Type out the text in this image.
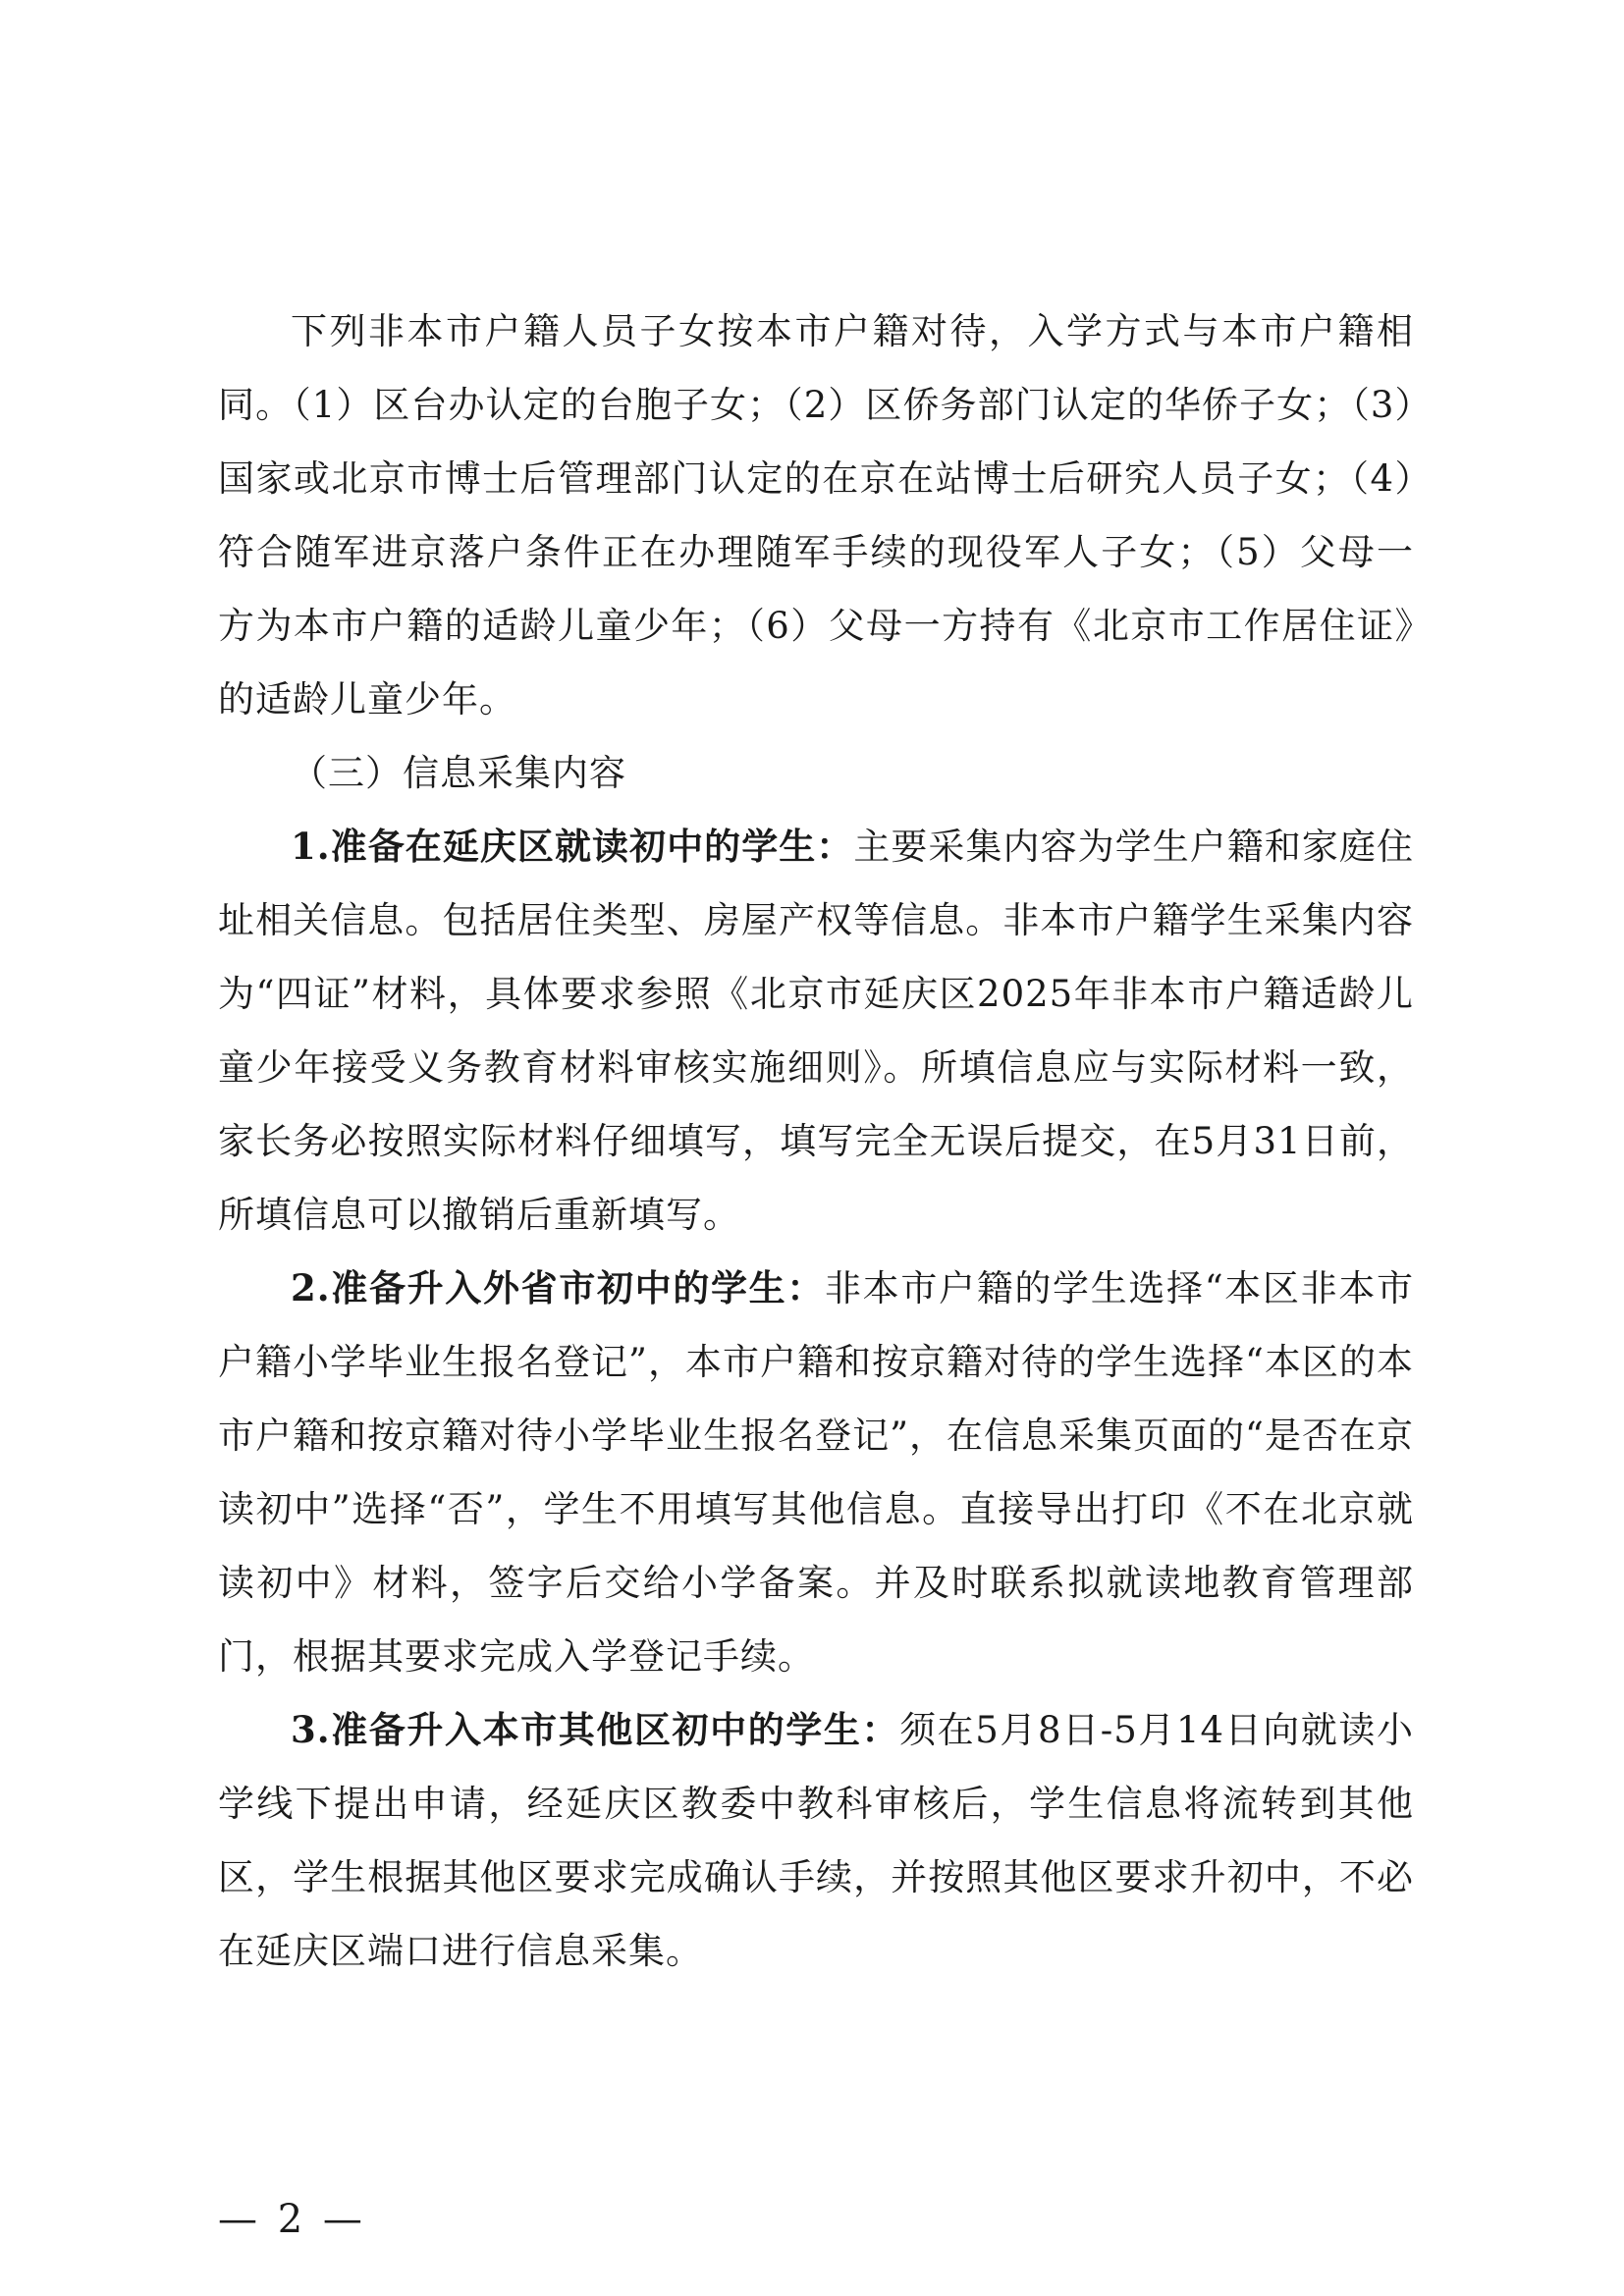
下列非本市户籍人员子女按本市户籍对待，入学方式与本市户籍相同。（1）区台办认定的台胞子女；（2）区侨务部门认定的华侨子女；（3）国家或北京市博士后管理部门认定的在京在站博士后研究人员子女；（4）符合随军进京落户条件正在办理随军手续的现役军人子女；（5）父母一方为本市户籍的适龄儿童少年；（6）父母一方持有《北京市工作居住证》的适龄儿童少年。

（三）信息采集内容

1.准备在延庆区就读初中的学生：主要采集内容为学生户籍和家庭住址相关信息。包括居住类型、房屋产权等信息。非本市户籍学生采集内容为“四证”材料，具体要求参照《北京市延庆区2025年非本市户籍适龄儿童少年接受义务教育材料审核实施细则》。所填信息应与实际材料一致，家长务必按照实际材料仔细填写，填写完全无误后提交，在5月31日前，所填信息可以撤销后重新填写。

2.准备升入外省市初中的学生：非本市户籍的学生选择“本区非本市户籍小学毕业生报名登记”，本市户籍和按京籍对待的学生选择“本区的本市户籍和按京籍对待小学毕业生报名登记”，在信息采集页面的“是否在京读初中”选择“否”，学生不用填写其他信息。直接导出打印《不在北京就读初中》材料，签字后交给小学备案。并及时联系拟就读地教育管理部门，根据其要求完成入学登记手续。

3.准备升入本市其他区初中的学生：须在5月8日-5月14日向就读小学线下提出申请，经延庆区教委中教科审核后，学生信息将流转到其他区，学生根据其他区要求完成确认手续，并按照其他区要求升初中，不必在延庆区端口进行信息采集。

— 2 —
